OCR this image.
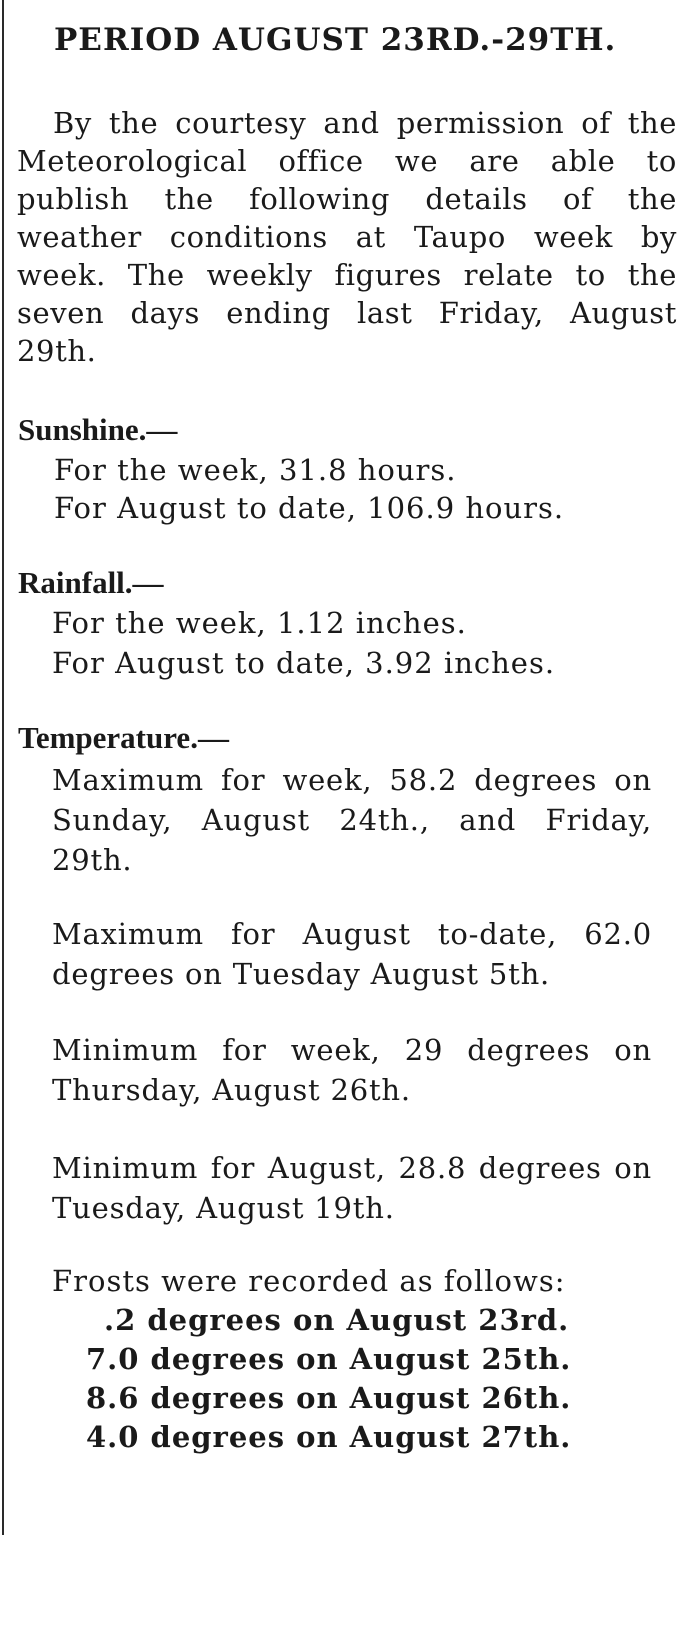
PERIOD AUGUST 23RD.-29TH.
By the courtesy and permission of the Meteorological office we are able to publish the following details of the weather conditions at Taupo week by week. The weekly figures relate to the seven days ending last Friday, August 29th.
Sunshine.—
For the week, 31.8 hours.
For August to date, 106.9 hours.
Rainfall.—
For the week, 1.12 inches.
For August to date, 3.92 inches.
Temperature.—
Maximum for week, 58.2 degrees on Sunday, August 24th., and Friday, 29th.
Maximum for August to-date, 62.0 degrees on Tuesday August 5th.
Minimum for week, 29 degrees on Thursday, August 26th.
Minimum for August, 28.8 degrees on Tuesday, August 19th.
Frosts were recorded as follows:
.2 degrees on August 23rd.
7.0 degrees on August 25th.
8.6 degrees on August 26th.
4.0 degrees on August 27th.
